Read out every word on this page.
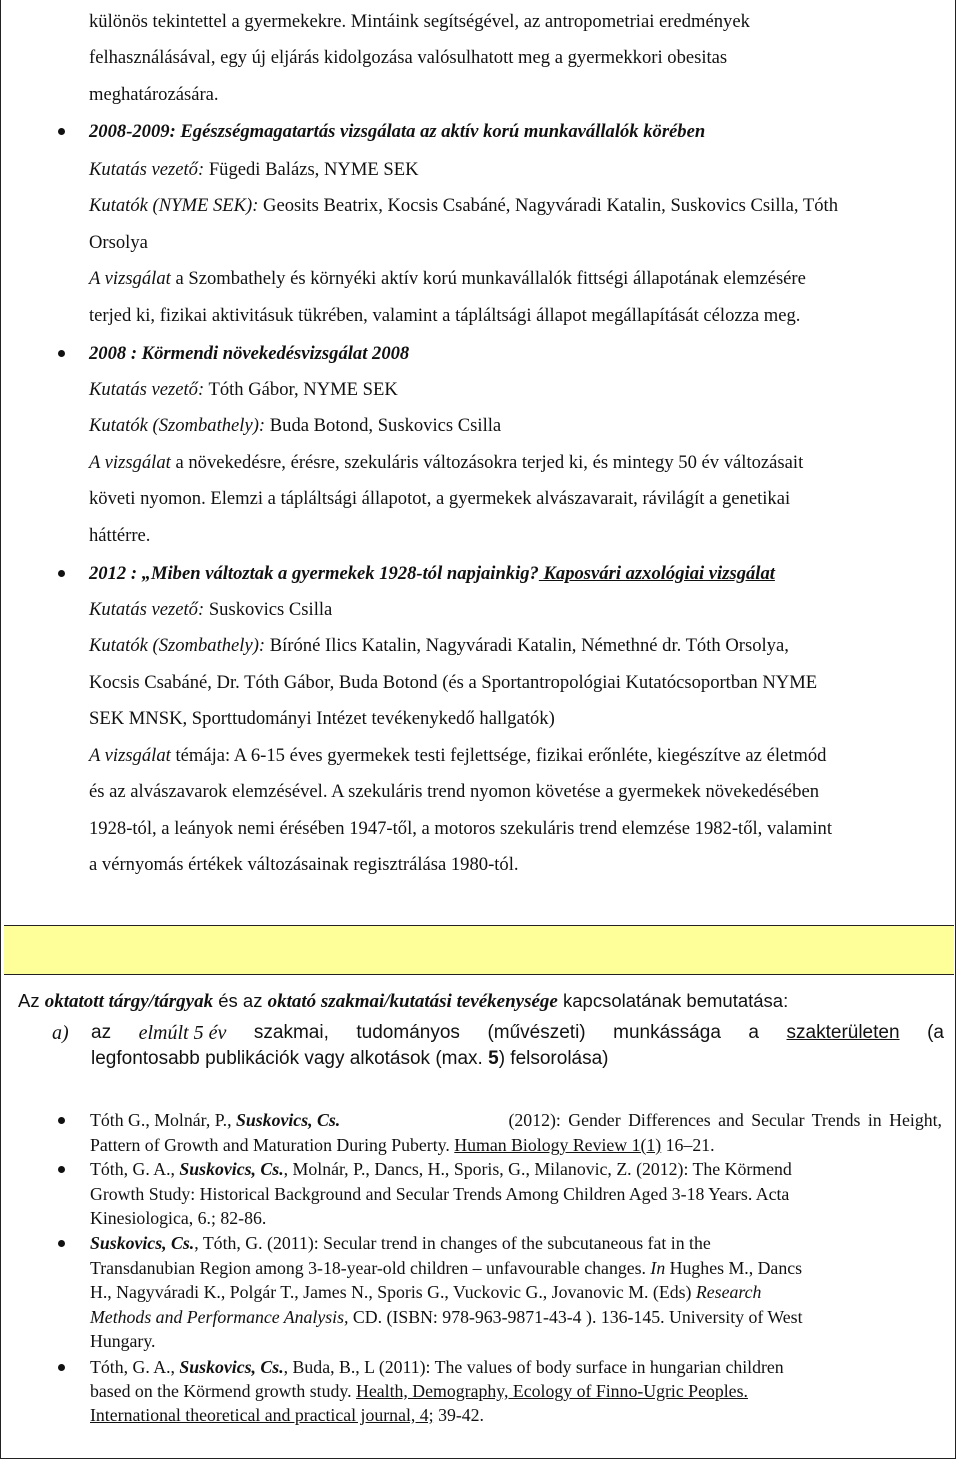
különös tekintettel a gyermekekre. Mintáink segítségével, az antropometriai eredmények
felhasználásával, egy új eljárás kidolgozása valósulhatott meg a gyermekkori obesitas
meghatározására.
2008-2009: Egészségmagatartás vizsgálata az aktív korú munkavállalók körében
Kutatás vezető: Fügedi Balázs, NYME SEK
Kutatók (NYME SEK): Geosits Beatrix, Kocsis Csabáné, Nagyváradi Katalin, Suskovics Csilla, Tóth
Orsolya
A vizsgálat a Szombathely és környéki aktív korú munkavállalók fittségi állapotának elemzésére
terjed ki, fizikai aktivitásuk tükrében, valamint a tápláltsági állapot megállapítását célozza meg.
2008 : Körmendi növekedésvizsgálat 2008
Kutatás vezető: Tóth Gábor, NYME SEK
Kutatók (Szombathely): Buda Botond, Suskovics Csilla
A vizsgálat a növekedésre, érésre, szekuláris változásokra terjed ki, és mintegy 50 év változásait
követi nyomon. Elemzi a tápláltsági állapotot, a gyermekek alvászavarait, rávilágít a genetikai
háttérre.
2012 : „Miben változtak a gyermekek 1928-tól napjainkig? Kaposvári azxológiai vizsgálat
Kutatás vezető: Suskovics Csilla
Kutatók (Szombathely): Bíróné Ilics Katalin, Nagyváradi Katalin, Némethné dr. Tóth Orsolya,
Kocsis Csabáné, Dr. Tóth Gábor, Buda Botond (és a Sportantropológiai Kutatócsoportban NYME
SEK MNSK, Sporttudományi Intézet tevékenykedő hallgatók)
A vizsgálat témája: A 6-15 éves gyermekek testi fejlettsége, fizikai erőnléte, kiegészítve az életmód
és az alvászavarok elemzésével. A szekuláris trend nyomon követése a gyermekek növekedésében
1928-tól, a leányok nemi érésében 1947-től, a motoros szekuláris trend elemzése 1982-től, valamint
a vérnyomás értékek változásainak regisztrálása 1980-tól.
Az oktatott tárgy/tárgyak és az oktató szakmai/kutatási tevékenysége kapcsolatának bemutatása:
a) az elmúlt 5 év szakmai, tudományos (művészeti) munkássága a szakterületen (a
legfontosabb publikációk vagy alkotások (max. 5) felsorolása)
Tóth G., Molnár, P., Suskovics, Cs.	(2012): Gender Differences and Secular Trends in Height,
Pattern of Growth and Maturation During Puberty. Human Biology Review 1(1) 16–21.
Tóth, G. A., Suskovics, Cs., Molnár, P., Dancs, H., Sporis, G., Milanovic, Z. (2012): The Körmend
Growth Study: Historical Background and Secular Trends Among Children Aged 3-18 Years. Acta
Kinesiologica, 6.; 82-86.
Suskovics, Cs., Tóth, G. (2011): Secular trend in changes of the subcutaneous fat in the
Transdanubian Region among 3-18-year-old children – unfavourable changes. In Hughes M., Dancs
H., Nagyváradi K., Polgár T., James N., Sporis G., Vuckovic G., Jovanovic M. (Eds) Research
Methods and Performance Analysis, CD. (ISBN: 978-963-9871-43-4 ). 136-145. University of West
Hungary.
Tóth, G. A., Suskovics, Cs., Buda, B., L (2011): The values of body surface in hungarian children
based on the Körmend growth study. Health, Demography, Ecology of Finno-Ugric Peoples.
International theoretical and practical journal, 4; 39-42.
